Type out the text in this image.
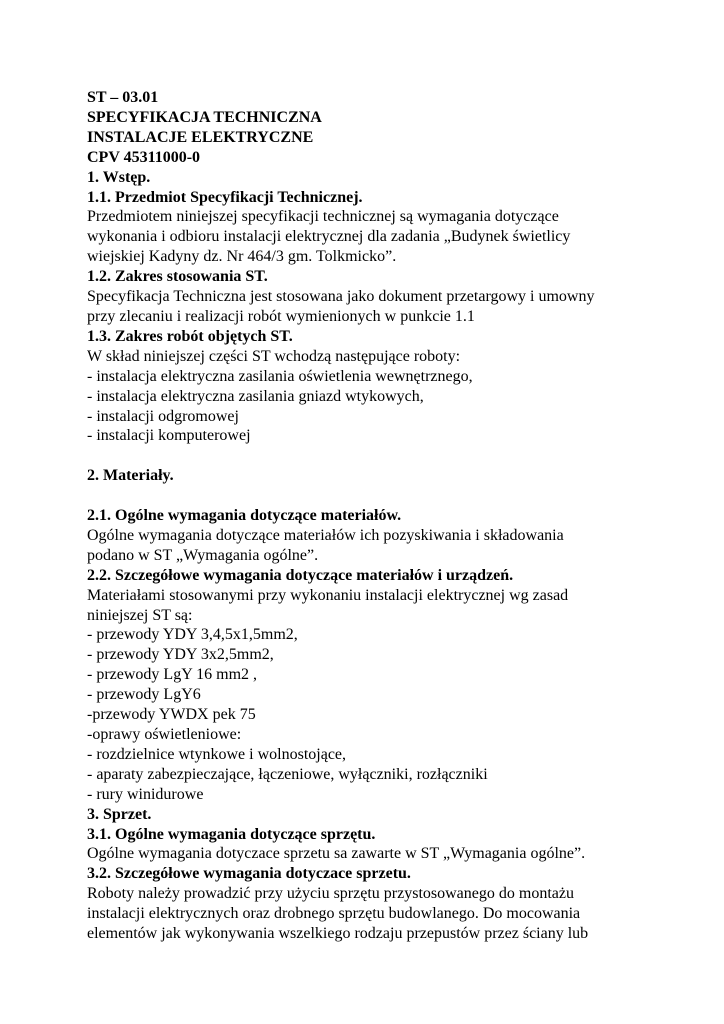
ST – 03.01
SPECYFIKACJA TECHNICZNA
INSTALACJE ELEKTRYCZNE
CPV 45311000-0
1. Wstęp.
1.1. Przedmiot Specyfikacji Technicznej.
Przedmiotem niniejszej specyfikacji technicznej są wymagania dotyczące
wykonania i odbioru instalacji elektrycznej dla zadania „Budynek świetlicy
wiejskiej Kadyny dz. Nr 464/3 gm. Tolkmicko”.
1.2. Zakres stosowania ST.
Specyfikacja Techniczna jest stosowana jako dokument przetargowy i umowny
przy zlecaniu i realizacji robót wymienionych w punkcie 1.1
1.3. Zakres robót objętych ST.
W skład niniejszej części ST wchodzą następujące roboty:
- instalacja elektryczna zasilania oświetlenia wewnętrznego,
- instalacja elektryczna zasilania gniazd wtykowych,
- instalacji odgromowej
- instalacji komputerowej
2. Materiały.
2.1. Ogólne wymagania dotyczące materiałów.
Ogólne wymagania dotyczące materiałów ich pozyskiwania i składowania
podano w ST „Wymagania ogólne”.
2.2. Szczegółowe wymagania dotyczące materiałów i urządzeń.
Materiałami stosowanymi przy wykonaniu instalacji elektrycznej wg zasad
niniejszej ST są:
- przewody YDY 3,4,5x1,5mm2,
- przewody YDY 3x2,5mm2,
- przewody LgY 16 mm2 ,
- przewody LgY6
-przewody YWDX pek 75
-oprawy oświetleniowe:
- rozdzielnice wtynkowe i wolnostojące,
- aparaty zabezpieczające, łączeniowe, wyłączniki, rozłączniki
- rury winidurowe
3. Sprzet.
3.1. Ogólne wymagania dotyczące sprzętu.
Ogólne wymagania dotyczace sprzetu sa zawarte w ST „Wymagania ogólne”.
3.2. Szczegółowe wymagania dotyczace sprzetu.
Roboty należy prowadzić przy użyciu sprzętu przystosowanego do montażu
instalacji elektrycznych oraz drobnego sprzętu budowlanego. Do mocowania
elementów jak wykonywania wszelkiego rodzaju przepustów przez ściany lub
